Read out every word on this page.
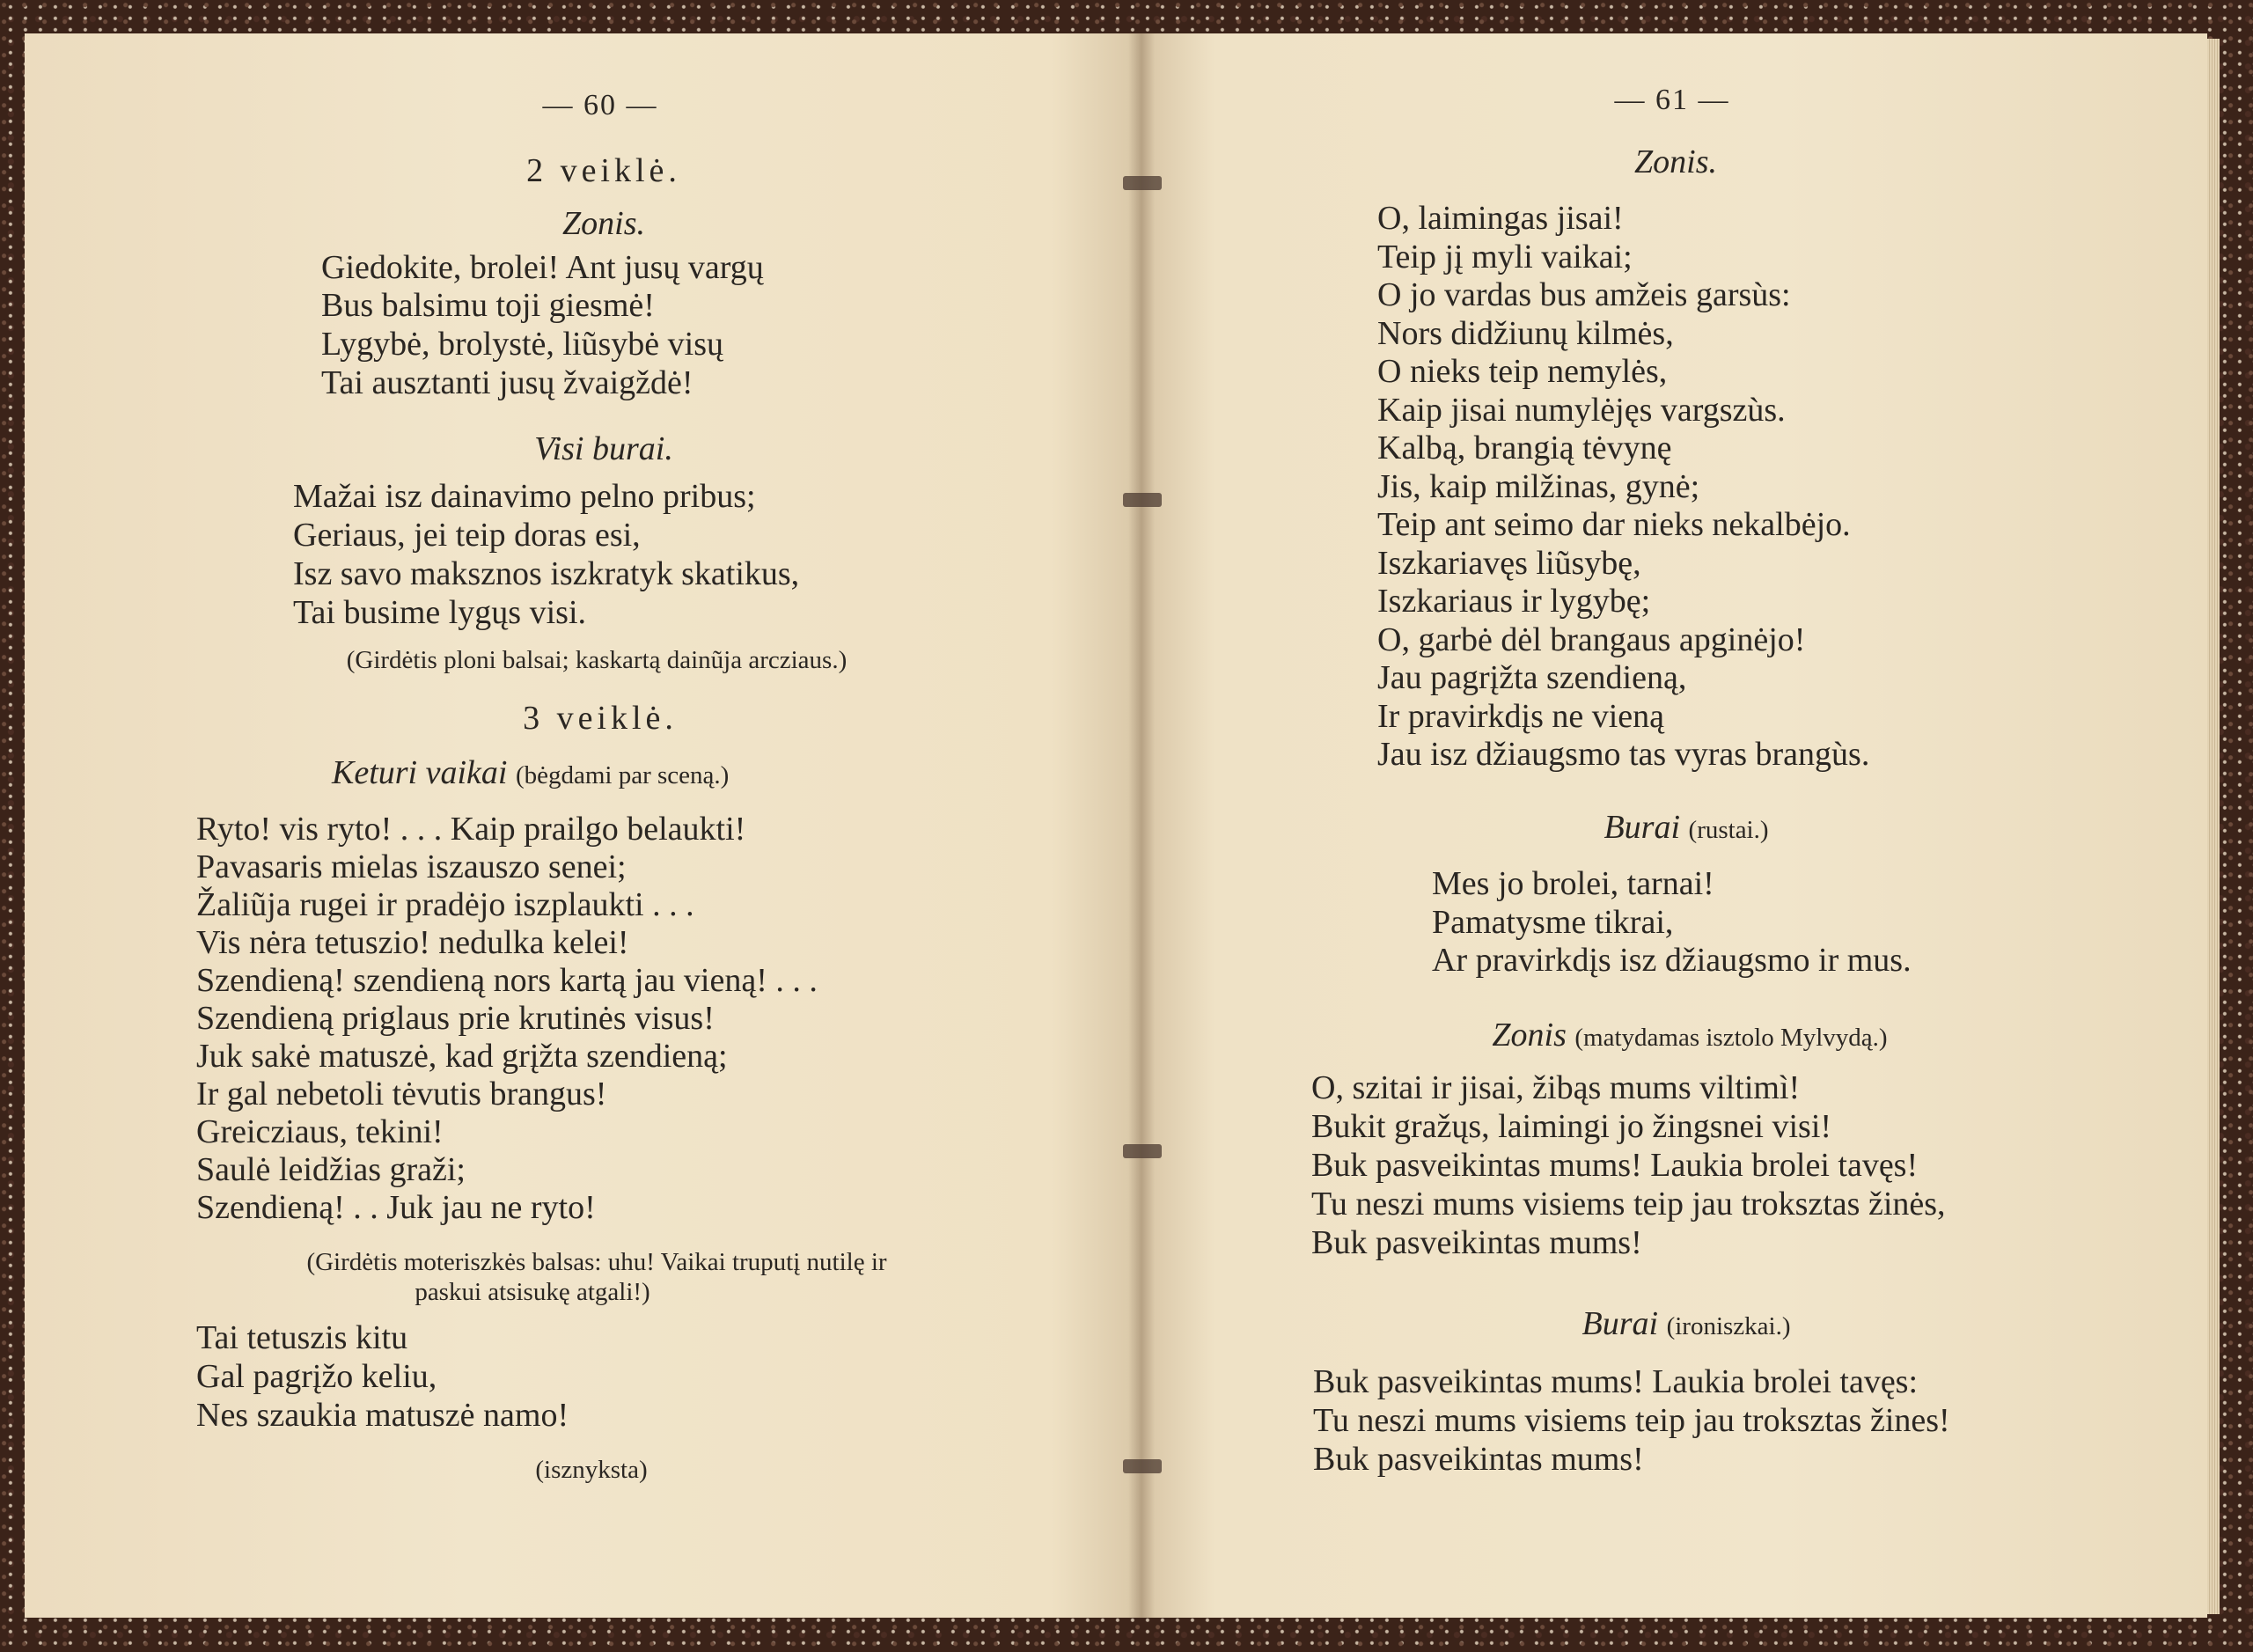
— 60 —
2 veiklė.
Zonis.
Giedokite, brolei! Ant jusų vargų
Bus balsimu toji giesmė!
Lygybė, brolystė, liũsybė visų
Tai ausztanti jusų žvaigždė!
Visi burai.
Mažai isz dainavimo pelno pribus;
Geriaus, jei teip doras esi,
Isz savo maksznos iszkratyk skatikus,
Tai busime lygųs visi.
(Girdėtis ploni balsai; kaskartą dainũja arcziaus.)
3 veiklė.
Keturi vaikai (bėgdami par sceną.)
Ryto! vis ryto! . . . Kaip prailgo belaukti!
Pavasaris mielas iszauszo senei;
Žaliũja rugei ir pradėjo iszplaukti . . .
Vis nėra tetuszio! nedulka kelei!
Szendieną! szendieną nors kartą jau vieną! . . .
Szendieną priglaus prie krutinės visus!
Juk sakė matuszė, kad grįžta szendieną;
Ir gal nebetoli tėvutis brangus!
Greicziaus, tekini!
Saulė leidžias graži;
Szendieną! . . Juk jau ne ryto!
(Girdėtis moteriszkės balsas: uhu! Vaikai truputį nutilę ir
paskui atsisukę atgali!)
Tai tetuszis kitu
Gal pagrįžo keliu,
Nes szaukia matuszė namo!
(isznyksta)
— 61 —
Zonis.
O, laimingas jisai!
Teip jį myli vaikai;
O jo vardas bus amžeis garsùs:
Nors didžiunų kilmės,
O nieks teip nemylės,
Kaip jisai numylėjęs vargszùs.
Kalbą, brangią tėvynę
Jis, kaip milžinas, gynė;
Teip ant seimo dar nieks nekalbėjo.
Iszkariavęs liũsybę,
Iszkariaus ir lygybę;
O, garbė dėl brangaus apginėjo!
Jau pagrįžta szendieną,
Ir pravirkdįs ne vieną
Jau isz džiaugsmo tas vyras brangùs.
Burai (rustai.)
Mes jo brolei, tarnai!
Pamatysme tikrai,
Ar pravirkdįs isz džiaugsmo ir mus.
Zonis (matydamas isztolo Mylvydą.)
O, szitai ir jisai, žibąs mums viltimì!
Bukit gražųs, laimingi jo žingsnei visi!
Buk pasveikintas mums! Laukia brolei tavęs!
Tu neszi mums visiems teip jau troksztas žinės,
Buk pasveikintas mums!
Burai (ironiszkai.)
Buk pasveikintas mums! Laukia brolei tavęs:
Tu neszi mums visiems teip jau troksztas žines!
Buk pasveikintas mums!
